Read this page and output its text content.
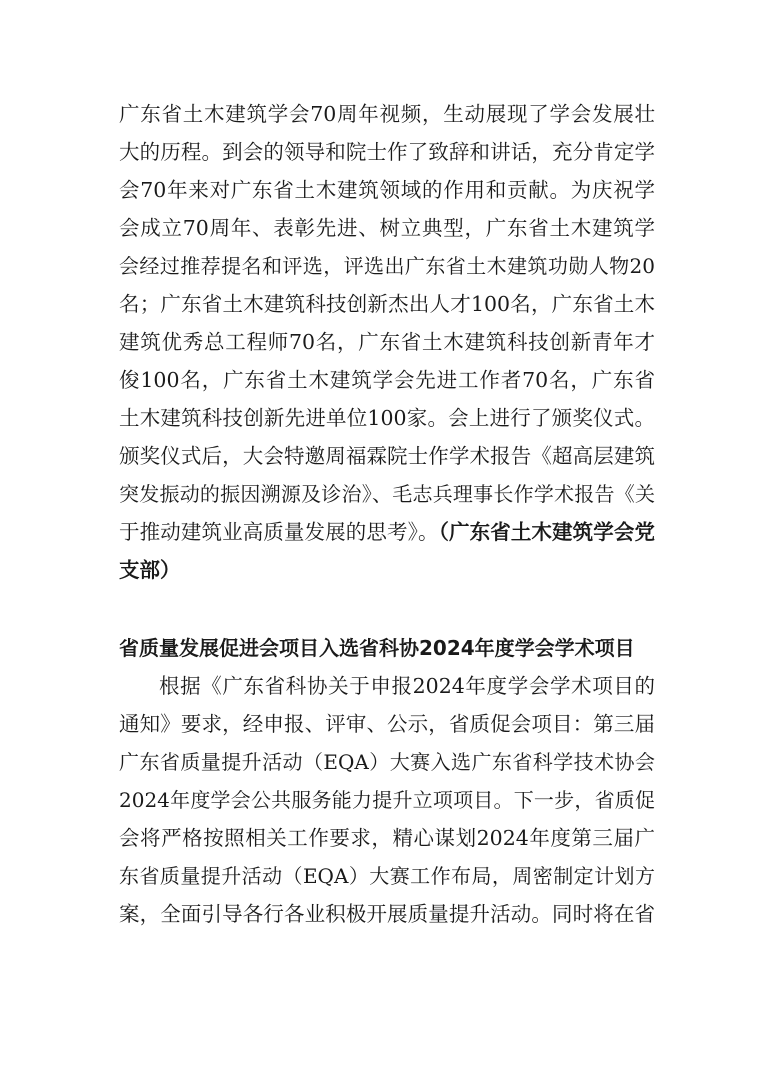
广东省土木建筑学会70周年视频，生动展现了学会发展壮
大的历程。到会的领导和院士作了致辞和讲话，充分肯定学
会70年来对广东省土木建筑领域的作用和贡献。为庆祝学
会成立70周年、表彰先进、树立典型，广东省土木建筑学
会经过推荐提名和评选，评选出广东省土木建筑功勋人物20
名；广东省土木建筑科技创新杰出人才100名，广东省土木
建筑优秀总工程师70名，广东省土木建筑科技创新青年才
俊100名，广东省土木建筑学会先进工作者70名，广东省
土木建筑科技创新先进单位100家。会上进行了颁奖仪式。
颁奖仪式后，大会特邀周福霖院士作学术报告《超高层建筑
突发振动的振因溯源及诊治》、毛志兵理事长作学术报告《关
于推动建筑业高质量发展的思考》。（广东省土木建筑学会党
支部）
省质量发展促进会项目入选省科协2024年度学会学术项目
根据《广东省科协关于申报2024年度学会学术项目的
通知》要求，经申报、评审、公示，省质促会项目：第三届
广东省质量提升活动（EQA）大赛入选广东省科学技术协会
2024年度学会公共服务能力提升立项项目。下一步，省质促
会将严格按照相关工作要求，精心谋划2024年度第三届广
东省质量提升活动（EQA）大赛工作布局，周密制定计划方
案，全面引导各行各业积极开展质量提升活动。同时将在省
